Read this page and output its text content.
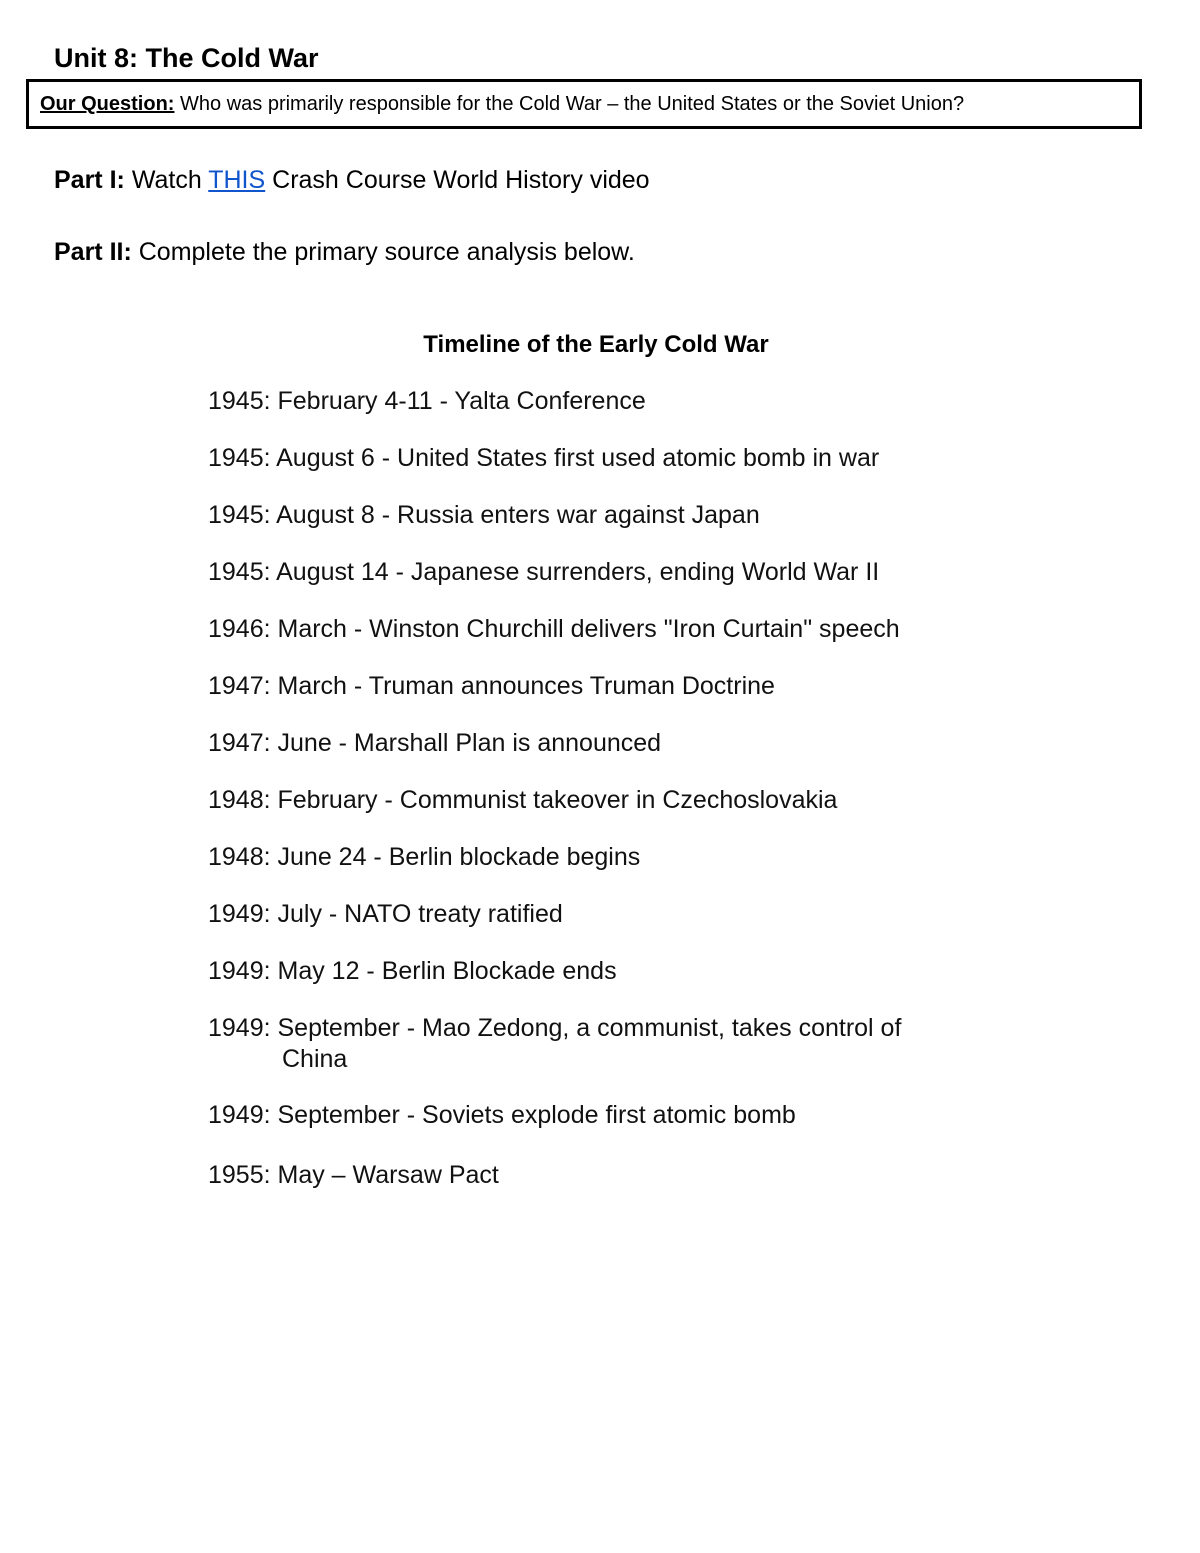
Unit 8: The Cold War
Our Question: Who was primarily responsible for the Cold War – the United States or the Soviet Union?
Part I: Watch THIS Crash Course World History video
Part II: Complete the primary source analysis below.
Timeline of the Early Cold War
1945: February 4-11 - Yalta Conference
1945: August 6 - United States first used atomic bomb in war
1945: August 8 - Russia enters war against Japan
1945: August 14 - Japanese surrenders, ending World War II
1946: March - Winston Churchill delivers "Iron Curtain" speech
1947: March - Truman announces Truman Doctrine
1947: June - Marshall Plan is announced
1948: February - Communist takeover in Czechoslovakia
1948: June 24 - Berlin blockade begins
1949: July - NATO treaty ratified
1949: May 12 - Berlin Blockade ends
1949: September - Mao Zedong, a communist, takes control of China
1949: September - Soviets explode first atomic bomb
1955: May – Warsaw Pact
